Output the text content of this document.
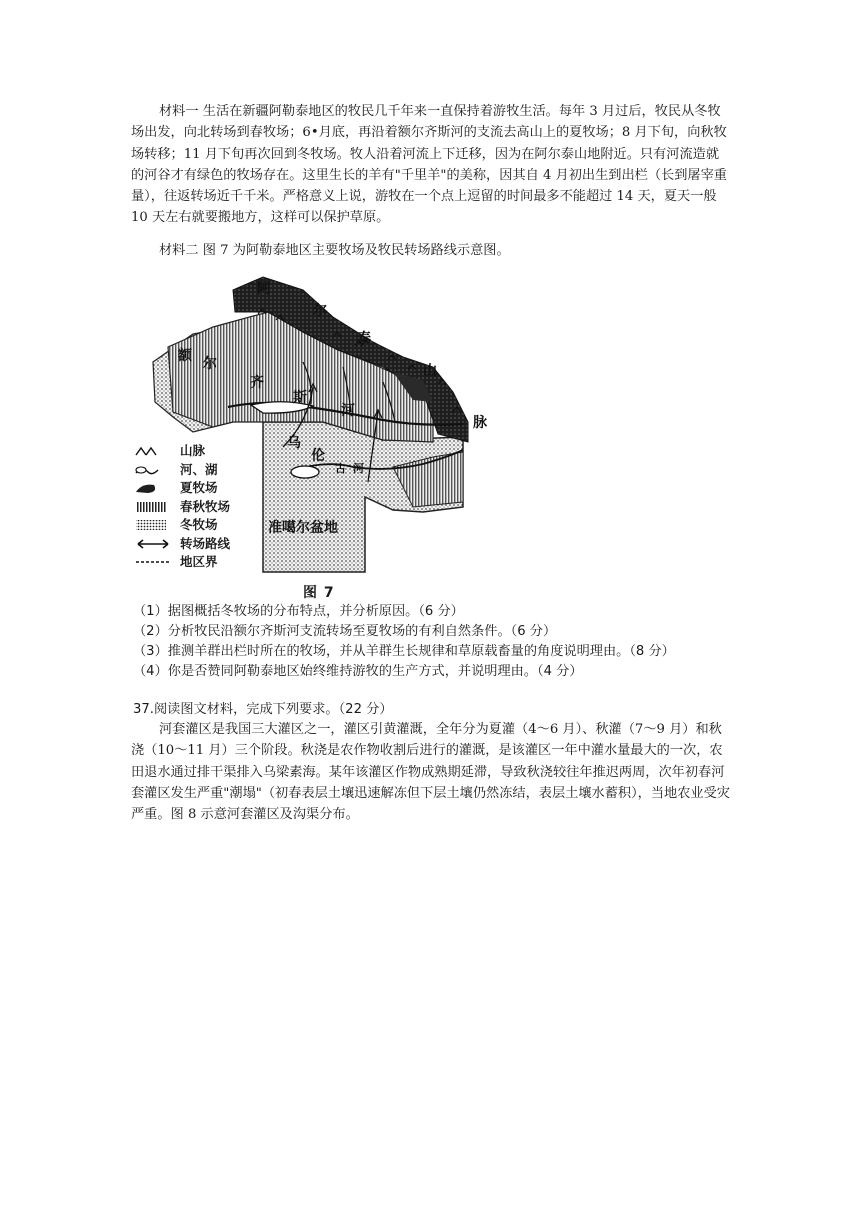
材料一 生活在新疆阿勒泰地区的牧民几千年来一直保持着游牧生活。每年 3 月过后，牧民从冬牧场出发，向北转场到春牧场；6•月底，再沿着额尔齐斯河的支流去高山上的夏牧场；8 月下旬，向秋牧场转移；11 月下旬再次回到冬牧场。牧人沿着河流上下迁移，因为在阿尔泰山地附近。只有河流造就的河谷才有绿色的牧场存在。这里生长的羊有"千里羊"的美称，因其自 4 月初出生到出栏（长到屠宰重量），往返转场近千千米。严格意义上说，游牧在一个点上逗留的时间最多不能超过 14 天，夏天一般 10 天左右就要搬地方，这样可以保护草原。

材料二 图 7 为阿勒泰地区主要牧场及牧民转场路线示意图。

阿
尔
泰
山
脉
额 尔
齐
斯
河
乌
伦
古 河
准噶尔盆地
山脉
河、湖
夏牧场
春秋牧场
冬牧场
转场路线
地区界
图 7

（1）据图概括冬牧场的分布特点，并分析原因。（6 分）

（2）分析牧民沿额尔齐斯河支流转场至夏牧场的有利自然条件。（6 分）

（3）推测羊群出栏时所在的牧场，并从羊群生长规律和草原载畜量的角度说明理由。（8 分）

（4）你是否赞同阿勒泰地区始终维持游牧的生产方式，并说明理由。（4 分）

37.阅读图文材料，完成下列要求。（22 分）

河套灌区是我国三大灌区之一，灌区引黄灌溉，全年分为夏灌（4～6 月）、秋灌（7～9 月）和秋浇（10～11 月）三个阶段。秋浇是农作物收割后进行的灌溉，是该灌区一年中灌水量最大的一次，农田退水通过排干渠排入乌梁素海。某年该灌区作物成熟期延滞，导致秋浇较往年推迟两周，次年初春河套灌区发生严重"潮塌"（初春表层土壤迅速解冻但下层土壤仍然冻结，表层土壤水蓄积），当地农业受灾严重。图 8 示意河套灌区及沟渠分布。
